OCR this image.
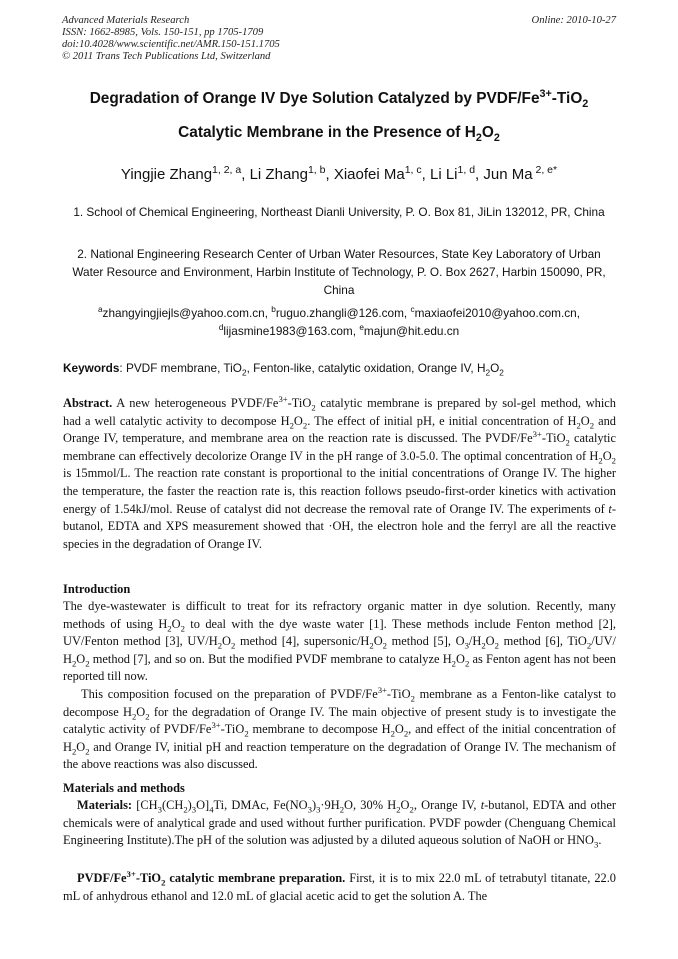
Advanced Materials Research
ISSN: 1662-8985, Vols. 150-151, pp 1705-1709
doi:10.4028/www.scientific.net/AMR.150-151.1705
© 2011 Trans Tech Publications Ltd, Switzerland
Online: 2010-10-27
Degradation of Orange IV Dye Solution Catalyzed by PVDF/$Fe^{3+}-TiO_2$
Catalytic Membrane in the Presence of $H_2O_2$
Yingjie Zhang$^{1, 2, a}$, Li Zhang$^{1, b}$, Xiaofei Ma$^{1, c}$, Li Li$^{1, d}$, Jun Ma $^{2, e*}$
1. School of Chemical Engineering, Northeast Dianli University, P. O. Box 81, JiLin 132012, PR, China
2. National Engineering Research Center of Urban Water Resources, State Key Laboratory of Urban Water Resource and Environment, Harbin Institute of Technology, P. O. Box 2627, Harbin 150090, PR, China
$^a$zhangyingjiejls@yahoo.com.cn, $^b$ruguo.zhangli@126.com, $^c$maxiaofei2010@yahoo.com.cn,
$^d$lijasmine1983@163.com, $^e$majun@hit.edu.cn
Keywords: PVDF membrane, TiO$_2$, Fenton-like, catalytic oxidation, Orange IV, $H_2O_2$
Abstract. A new heterogeneous PVDF/$Fe^{3+}-TiO_2$ catalytic membrane is prepared by sol-gel method, which had a well catalytic activity to decompose $H_2O_2$. The effect of initial pH, e initial concentration of $H_2O_2$ and Orange IV, temperature, and membrane area on the reaction rate is discussed. The PVDF/$Fe^{3+}-TiO_2$ catalytic membrane can effectively decolorize Orange IV in the pH range of 3.0-5.0. The optimal concentration of $H_2O_2$ is 15mmol/L. The reaction rate constant is proportional to the initial concentrations of Orange IV. The higher the temperature, the faster the reaction rate is, this reaction follows pseudo-first-order kinetics with activation energy of 1.54kJ/mol. Reuse of catalyst did not decrease the removal rate of Orange IV. The experiments of t-butanol, EDTA and XPS measurement showed that ·OH, the electron hole and the ferryl are all the reactive species in the degradation of Orange IV.
Introduction
The dye-wastewater is difficult to treat for its refractory organic matter in dye solution. Recently, many methods of using $H_2O_2$ to deal with the dye waste water [1]. These methods include Fenton method [2], UV/Fenton method [3], $UV/H_2O_2$ method [4], supersonic/$H_2O_2$ method [5], $O_3/H_2O_2$ method [6], TiO$_2$/UV/ $H_2O_2$ method [7], and so on. But the modified PVDF membrane to catalyze $H_2O_2$ as Fenton agent has not been reported till now.
This composition focused on the preparation of PVDF/$Fe^{3+}-TiO_2$ membrane as a Fenton-like catalyst to decompose $H_2O_2$ for the degradation of Orange IV. The main objective of present study is to investigate the catalytic activity of PVDF/$Fe^{3+}-TiO_2$ membrane to decompose $H_2O_2$, and effect of the initial concentration of $H_2O_2$ and Orange IV, initial pH and reaction temperature on the degradation of Orange IV. The mechanism of the above reactions was also discussed.
Materials and methods
Materials: $[CH_3(CH_2)_3O]_4Ti$, DMAc, $Fe(NO_3)_3\cdot 9H_2O$, 30% $H_2O_2$, Orange IV, t-butanol, EDTA and other chemicals were of analytical grade and used without further purification. PVDF powder (Chenguang Chemical Engineering Institute).The pH of the solution was adjusted by a diluted aqueous solution of NaOH or $HNO_3$.
PVDF/$Fe^{3+}-TiO_2$ catalytic membrane preparation. First, it is to mix 22.0 mL of tetrabutyl titanate, 22.0 mL of anhydrous ethanol and 12.0 mL of glacial acetic acid to get the solution A. The
